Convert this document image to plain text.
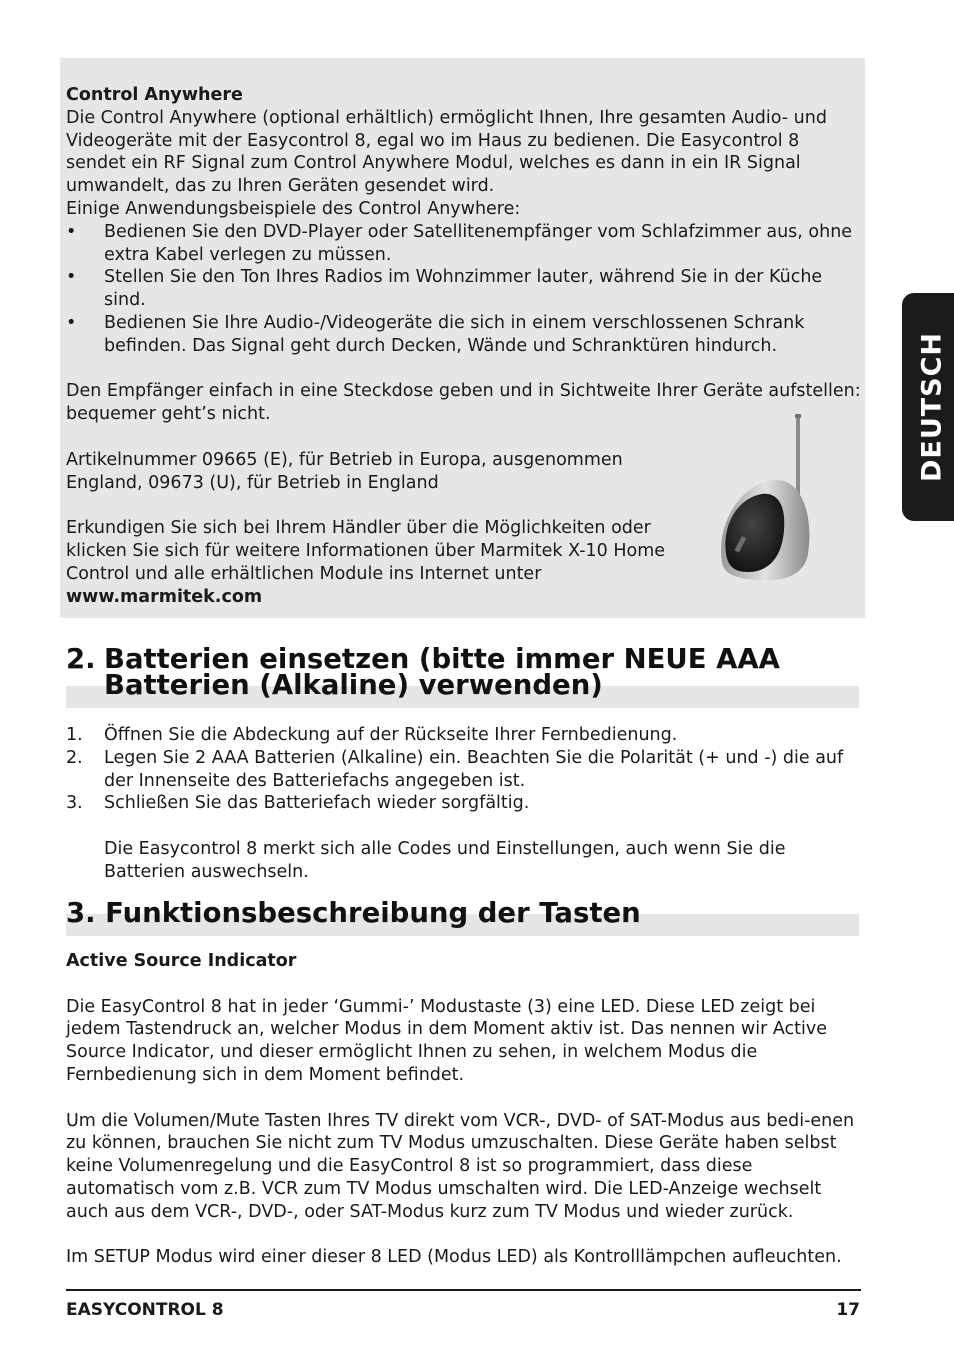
DEUTSCH
Control Anywhere
Die Control Anywhere (optional erhältlich) ermöglicht Ihnen, Ihre gesamten Audio- und Videogeräte mit der Easycontrol 8, egal wo im Haus zu bedienen. Die Easycontrol 8 sendet ein RF Signal zum Control Anywhere Modul, welches es dann in ein IR Signal umwandelt, das zu Ihren Geräten gesendet wird.
Einige Anwendungsbeispiele des Control Anywhere:
•	Bedienen Sie den DVD-Player oder Satellitenempfänger vom Schlafzimmer aus, ohne extra Kabel verlegen zu müssen.
•	Stellen Sie den Ton Ihres Radios im Wohnzimmer lauter, während Sie in der Küche sind.
•	Bedienen Sie Ihre Audio-/Videogeräte die sich in einem verschlossenen Schrank befinden. Das Signal geht durch Decken, Wände und Schranktüren hindurch.
Den Empfänger einfach in eine Steckdose geben und in Sichtweite Ihrer Geräte aufstellen: bequemer geht’s nicht.
Artikelnummer 09665 (E), für Betrieb in Europa, ausgenommen England, 09673 (U), für Betrieb in England
Erkundigen Sie sich bei Ihrem Händler über die Möglichkeiten oder klicken Sie sich für weitere Informationen über Marmitek X-10 Home Control und alle erhältlichen Module ins Internet unter
www.marmitek.com
2. Batterien einsetzen (bitte immer NEUE AAA
Batterien (Alkaline) verwenden)
1.	Öffnen Sie die Abdeckung auf der Rückseite Ihrer Fernbedienung.
2.	Legen Sie 2 AAA Batterien (Alkaline) ein. Beachten Sie die Polarität (+ und -) die auf der Innenseite des Batteriefachs angegeben ist.
3.	Schließen Sie das Batteriefach wieder sorgfältig.
Die Easycontrol 8 merkt sich alle Codes und Einstellungen, auch wenn Sie die Batterien auswechseln.
3. Funktionsbeschreibung der Tasten
Active Source Indicator
Die EasyControl 8 hat in jeder ‘Gummi-’ Modustaste (3) eine LED. Diese LED zeigt bei jedem Tastendruck an, welcher Modus in dem Moment aktiv ist. Das nennen wir Active Source Indicator, und dieser ermöglicht Ihnen zu sehen, in welchem Modus die Fernbedienung sich in dem Moment befindet.
Um die Volumen/Mute Tasten Ihres TV direkt vom VCR-, DVD- of SAT-Modus aus bedi-enen zu können, brauchen Sie nicht zum TV Modus umzuschalten. Diese Geräte haben selbst keine Volumenregelung und die EasyControl 8 ist so programmiert, dass diese automatisch vom z.B. VCR zum TV Modus umschalten wird. Die LED-Anzeige wechselt auch aus dem VCR-, DVD-, oder SAT-Modus kurz zum TV Modus und wieder zurück.
Im SETUP Modus wird einer dieser 8 LED (Modus LED) als Kontrolllämpchen aufleuchten.
EASYCONTROL 8	17
